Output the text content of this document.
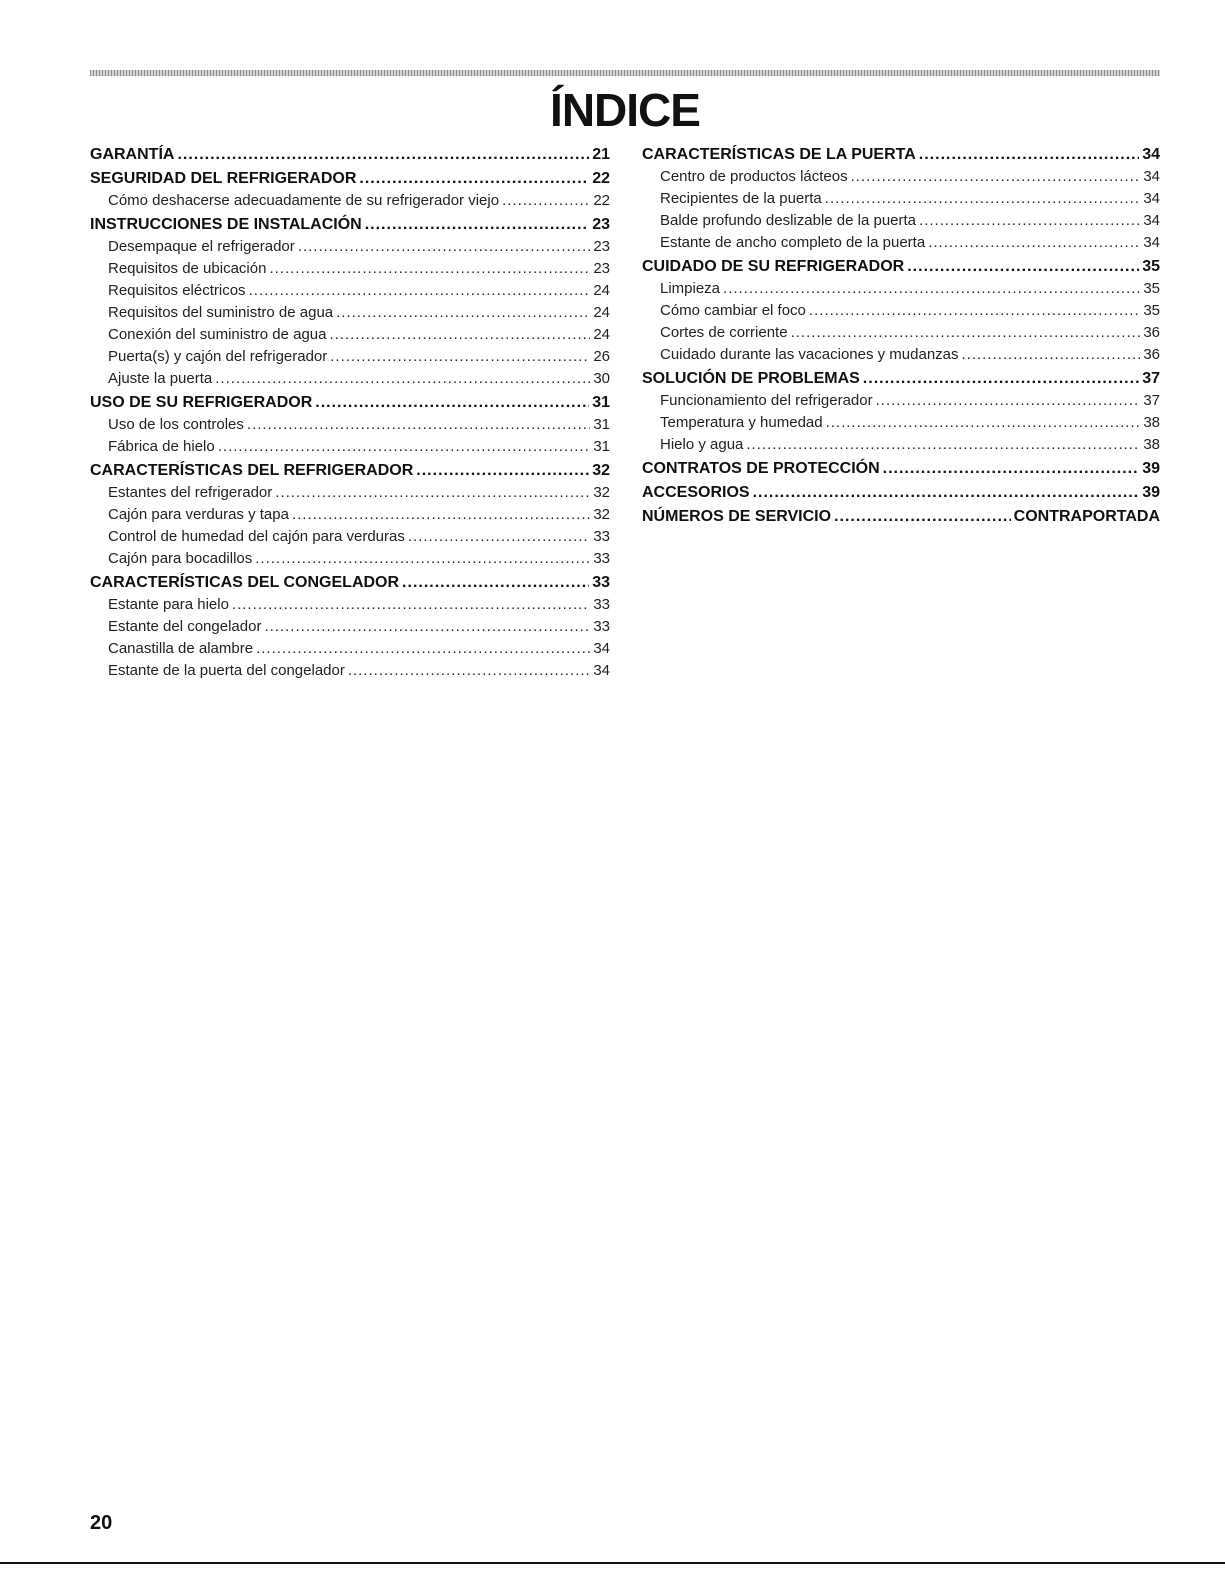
ÍNDICE
GARANTÍA .....	21
SEGURIDAD DEL REFRIGERADOR .....	22
Cómo deshacerse adecuadamente de su refrigerador viejo .....	22
INSTRUCCIONES DE INSTALACIÓN .....	23
Desempaque el refrigerador .....	23
Requisitos de ubicación .....	23
Requisitos eléctricos .....	24
Requisitos del suministro de agua .....	24
Conexión del suministro de agua .....	24
Puerta(s) y cajón del refrigerador .....	26
Ajuste la puerta .....	30
USO DE SU REFRIGERADOR .....	31
Uso de los controles .....	31
Fábrica de hielo .....	31
CARACTERÍSTICAS DEL REFRIGERADOR .....	32
Estantes del refrigerador .....	32
Cajón para verduras y tapa .....	32
Control de humedad del cajón para verduras .....	33
Cajón para bocadillos .....	33
CARACTERÍSTICAS DEL CONGELADOR .....	33
Estante para hielo .....	33
Estante del congelador .....	33
Canastilla de alambre .....	34
Estante de la puerta del congelador .....	34
CARACTERÍSTICAS DE LA PUERTA .....	34
Centro de productos lácteos .....	34
Recipientes de la puerta .....	34
Balde profundo deslizable de la puerta .....	34
Estante de ancho completo de la puerta .....	34
CUIDADO DE SU REFRIGERADOR .....	35
Limpieza .....	35
Cómo cambiar el foco .....	35
Cortes de corriente .....	36
Cuidado durante las vacaciones y mudanzas .....	36
SOLUCIÓN DE PROBLEMAS .....	37
Funcionamiento del refrigerador .....	37
Temperatura y humedad .....	38
Hielo y agua .....	38
CONTRATOS DE PROTECCIÓN .....	39
ACCESORIOS .....	39
NÚMEROS DE SERVICIO .....	CONTRAPORTADA
20
